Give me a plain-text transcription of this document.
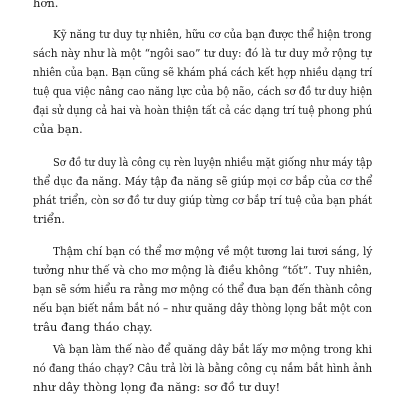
hơn.
Kỹ năng tư duy tự nhiên, hữu cơ của bạn được thể hiện trong
sách này như là một “ngôi sao” tư duy: đó là tư duy mở rộng tự
nhiên của bạn. Bạn cũng sẽ khám phá cách kết hợp nhiều dạng trí
tuệ qua việc nâng cao năng lực của bộ não, cách sơ đồ tư duy hiện
đại sử dụng cả hai và hoàn thiện tất cả các dạng trí tuệ phong phú
của bạn.
Sơ đồ tư duy là công cụ rèn luyện nhiều mặt giống như máy tập
thể dục đa năng. Máy tập đa năng sẽ giúp mọi cơ bắp của cơ thể
phát triển, còn sơ đồ tư duy giúp từng cơ bắp trí tuệ của bạn phát
triển.
Thậm chí bạn có thể mơ mộng về một tương lai tươi sáng, lý
tưởng như thế và cho mơ mộng là điều không “tốt”. Tuy nhiên,
bạn sẽ sớm hiểu ra rằng mơ mộng có thể đưa bạn đến thành công
nếu bạn biết nắm bắt nó – như quăng dây thòng lọng bắt một con
trâu đang tháo chạy.
Và bạn làm thế nào để quăng dây bắt lấy mơ mộng trong khi
nó đang tháo chạy? Câu trả lời là bằng công cụ nắm bắt hình ảnh
như dây thòng lọng đa năng: sơ đồ tư duy!
